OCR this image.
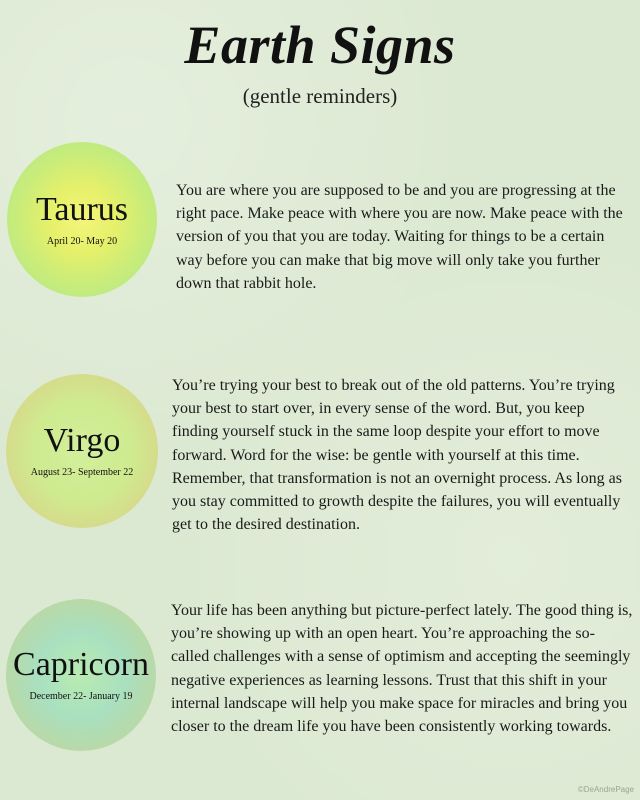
Earth Signs
(gentle reminders)
Taurus
April 20- May 20
You are where you are supposed to be and you are progressing at the right pace. Make peace with where you are now. Make peace with the version of you that you are today. Waiting for things to be a certain way before you can make that big move will only take you further down that rabbit hole.
Virgo
August 23- September 22
You’re trying your best to break out of the old patterns. You’re trying your best to start over, in every sense of the word. But, you keep finding yourself stuck in the same loop despite your effort to move forward. Word for the wise: be gentle with yourself at this time. Remember, that transformation is not an overnight process. As long as you stay committed to growth despite the failures, you will eventually get to the desired destination.
Capricorn
December 22- January 19
Your life has been anything but picture-perfect lately. The good thing is, you’re showing up with an open heart. You’re approaching the so-called challenges with a sense of optimism and accepting the seemingly negative experiences as learning lessons. Trust that this shift in your internal landscape will help you make space for miracles and bring you closer to the dream life you have been consistently working towards.
©DeAndrePage
